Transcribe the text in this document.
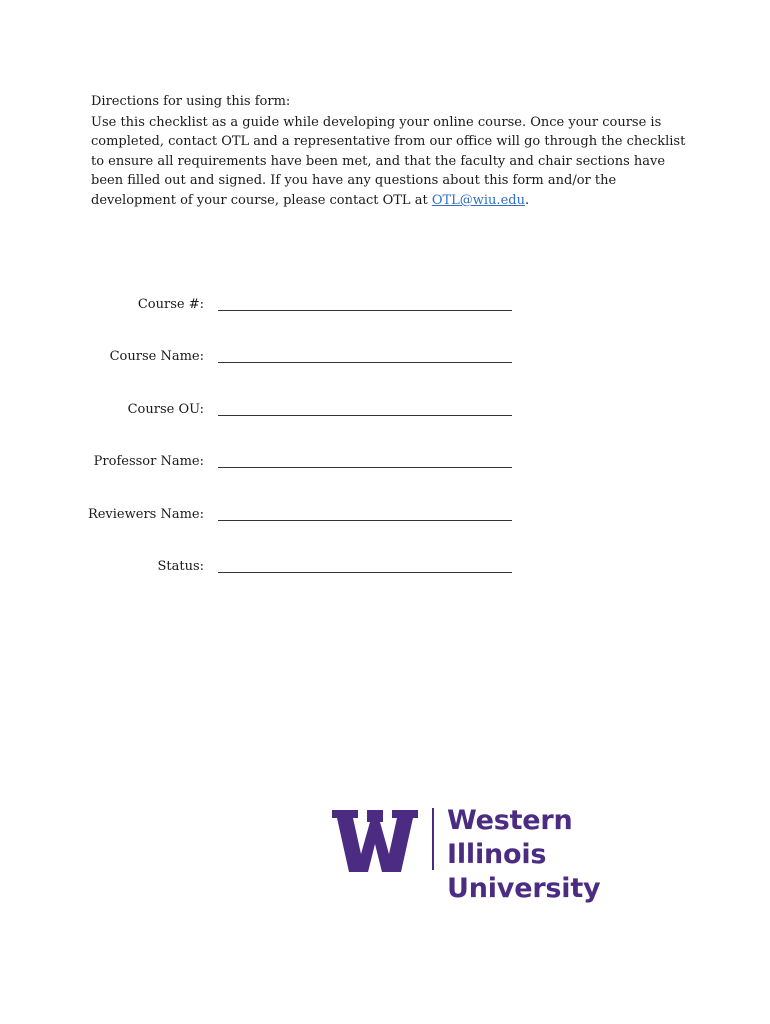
Directions for using this form:

Use this checklist as a guide while developing your online course. Once your course is completed, contact OTL and a representative from our office will go through the checklist to ensure all requirements have been met, and that the faculty and chair sections have been filled out and signed. If you have any questions about this form and/or the development of your course, please contact OTL at OTL@wiu.edu.

Course #:
Course Name:
Course OU:
Professor Name:
Reviewers Name:
Status:
Western Illinois
University
